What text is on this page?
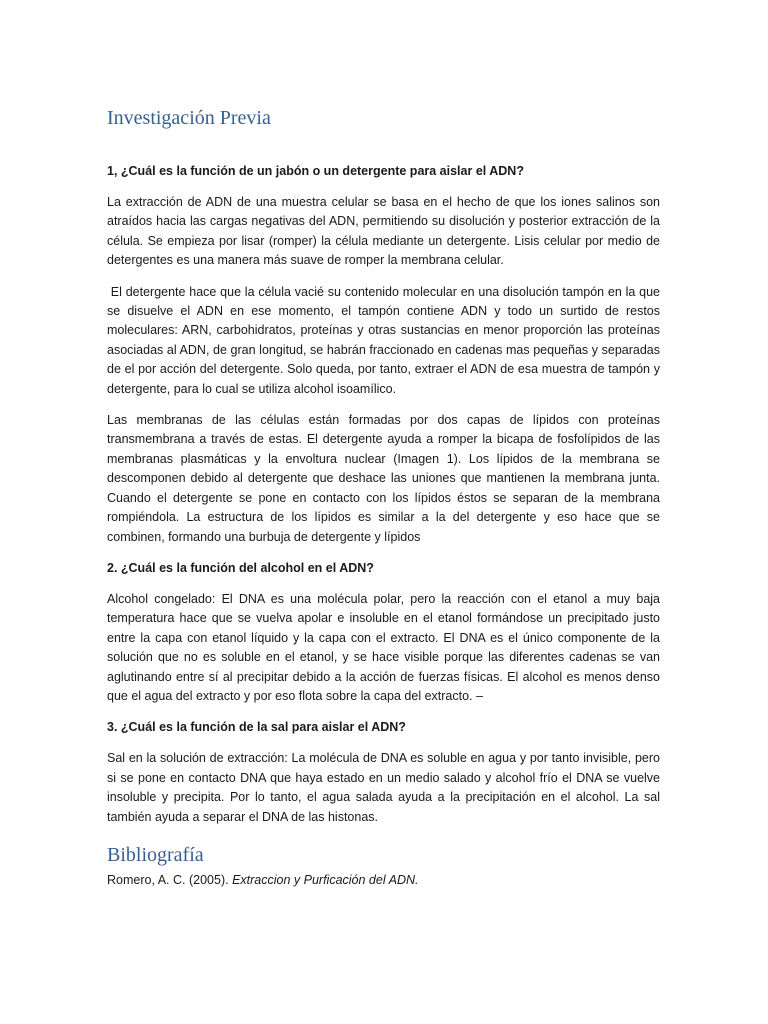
Investigación Previa
1, ¿Cuál es la función de un jabón o un detergente para aislar el ADN?

La extracción de ADN de una muestra celular se basa en el hecho de que los iones salinos son atraídos hacia las cargas negativas del ADN, permitiendo su disolución y posterior extracción de la célula. Se empieza por lisar (romper) la célula mediante un detergente. Lisis celular por medio de detergentes es una manera más suave de romper la membrana celular.

El detergente hace que la célula vacié su contenido molecular en una disolución tampón en la que se disuelve el ADN en ese momento, el tampón contiene ADN y todo un surtido de restos moleculares: ARN, carbohidratos, proteínas y otras sustancias en menor proporción las proteínas asociadas al ADN, de gran longitud, se habrán fraccionado en cadenas mas pequeñas y separadas de el por acción del detergente. Solo queda, por tanto, extraer el ADN de esa muestra de tampón y detergente, para lo cual se utiliza alcohol isoamílico.

Las membranas de las células están formadas por dos capas de lípidos con proteínas transmembrana a través de estas. El detergente ayuda a romper la bicapa de fosfolípidos de las membranas plasmáticas y la envoltura nuclear (Imagen 1). Los lípidos de la membrana se descomponen debido al detergente que deshace las uniones que mantienen la membrana junta. Cuando el detergente se pone en contacto con los lípidos éstos se separan de la membrana rompiéndola. La estructura de los lípidos es similar a la del detergente y eso hace que se combinen, formando una burbuja de detergente y lípidos

2. ¿Cuál es la función del alcohol en el ADN?

Alcohol congelado: El DNA es una molécula polar, pero la reacción con el etanol a muy baja temperatura hace que se vuelva apolar e insoluble en el etanol formándose un precipitado justo entre la capa con etanol líquido y la capa con el extracto. El DNA es el único componente de la solución que no es soluble en el etanol, y se hace visible porque las diferentes cadenas se van aglutinando entre sí al precipitar debido a la acción de fuerzas físicas. El alcohol es menos denso que el agua del extracto y por eso flota sobre la capa del extracto. –

3. ¿Cuál es la función de la sal para aislar el ADN?

Sal en la solución de extracción: La molécula de DNA es soluble en agua y por tanto invisible, pero si se pone en contacto DNA que haya estado en un medio salado y alcohol frío el DNA se vuelve insoluble y precipita. Por lo tanto, el agua salada ayuda a la precipitación en el alcohol. La sal también ayuda a separar el DNA de las histonas.

Bibliografía

Romero, A. C. (2005). Extraccion y Purficación del ADN.
